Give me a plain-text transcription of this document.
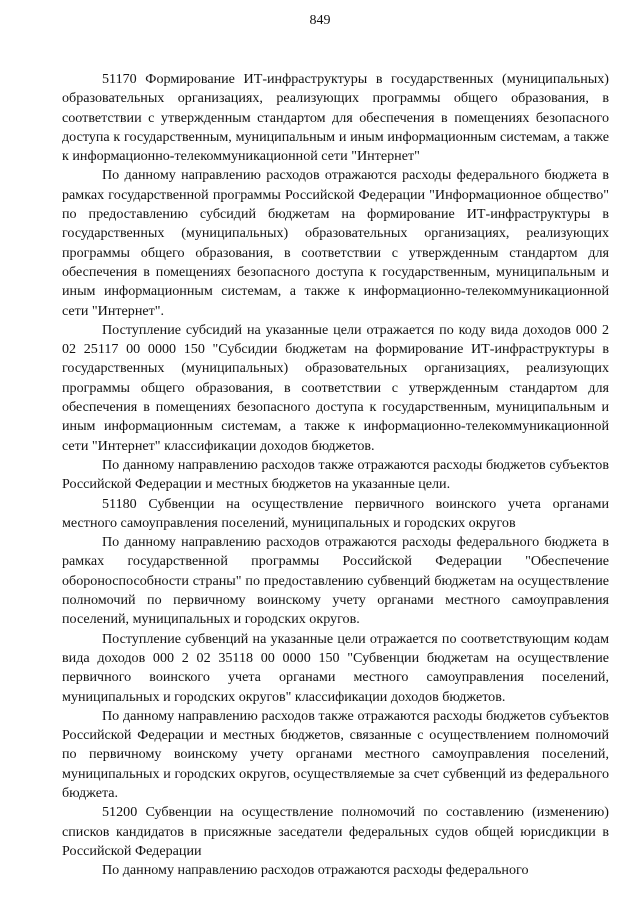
849

51170 Формирование ИТ-инфраструктуры в государственных (муниципальных) образовательных организациях, реализующих программы общего образования, в соответствии с утвержденным стандартом для обеспечения в помещениях безопасного доступа к государственным, муниципальным и иным информационным системам, а также к информационно-телекоммуникационной сети "Интернет"

По данному направлению расходов отражаются расходы федерального бюджета в рамках государственной программы Российской Федерации "Информационное общество" по предоставлению субсидий бюджетам на формирование ИТ-инфраструктуры в государственных (муниципальных) образовательных организациях, реализующих программы общего образования, в соответствии с утвержденным стандартом для обеспечения в помещениях безопасного доступа к государственным, муниципальным и иным информационным системам, а также к информационно-телекоммуникационной сети "Интернет".

Поступление субсидий на указанные цели отражается по коду вида доходов 000 2 02 25117 00 0000 150 "Субсидии бюджетам на формирование ИТ-инфраструктуры в государственных (муниципальных) образовательных организациях, реализующих программы общего образования, в соответствии с утвержденным стандартом для обеспечения в помещениях безопасного доступа к государственным, муниципальным и иным информационным системам, а также к информационно-телекоммуникационной сети "Интернет" классификации доходов бюджетов.

По данному направлению расходов также отражаются расходы бюджетов субъектов Российской Федерации и местных бюджетов на указанные цели.

51180 Субвенции на осуществление первичного воинского учета органами местного самоуправления поселений, муниципальных и городских округов

По данному направлению расходов отражаются расходы федерального бюджета в рамках государственной программы Российской Федерации "Обеспечение обороноспособности страны" по предоставлению субвенций бюджетам на осуществление полномочий по первичному воинскому учету органами местного самоуправления поселений, муниципальных и городских округов.

Поступление субвенций на указанные цели отражается по соответствующим кодам вида доходов 000 2 02 35118 00 0000 150 "Субвенции бюджетам на осуществление первичного воинского учета органами местного самоуправления поселений, муниципальных и городских округов" классификации доходов бюджетов.

По данному направлению расходов также отражаются расходы бюджетов субъектов Российской Федерации и местных бюджетов, связанные с осуществлением полномочий по первичному воинскому учету органами местного самоуправления поселений, муниципальных и городских округов, осуществляемые за счет субвенций из федерального бюджета.

51200 Субвенции на осуществление полномочий по составлению (изменению) списков кандидатов в присяжные заседатели федеральных судов общей юрисдикции в Российской Федерации

По данному направлению расходов отражаются расходы федерального
